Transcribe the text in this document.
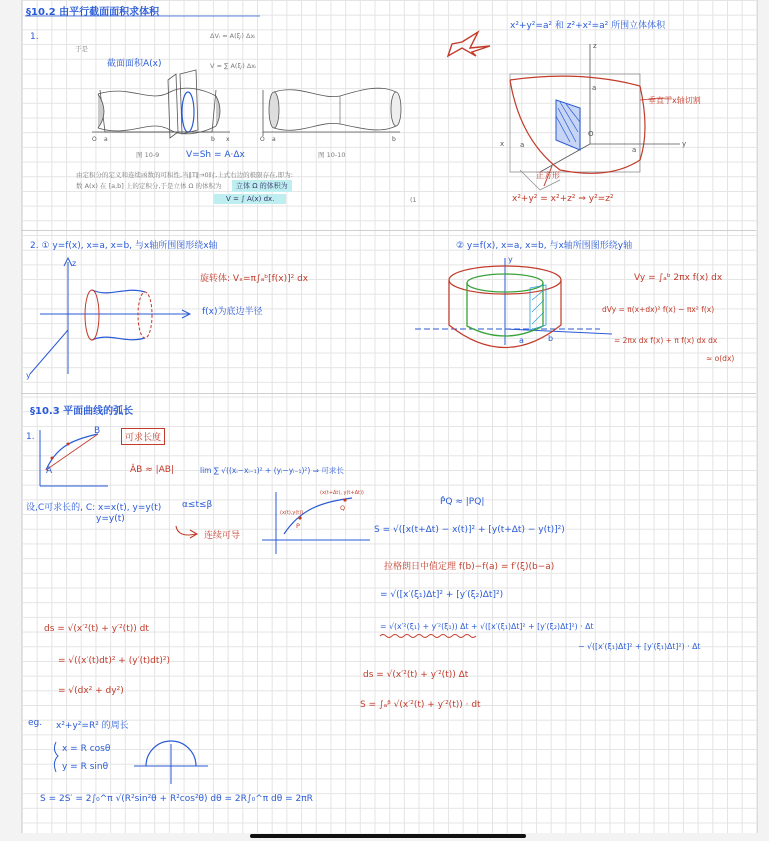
O a	b x	O a	b
z
x	y
O
a
a
a
z
y
a	b
y
§10.2 由平行截面面积求体积
1.	ΔVᵢ ≈ A(ξᵢ) Δxᵢ
于是
截面面积A(x)	V ≈ ∑ A(ξᵢ) Δxᵢ
V=Sh = A·Δx
图 10-9	图 10-10
由定积分的定义和连续函数的可积性,当‖T‖→0时,上式右边的极限存在,即为:
数 A(x) 在 [a,b] 上的定积分,于是立体 Ω 的体积为	立体 Ω 的体积为
V = ∫ A(x) dx.	(1
x²+y²=a² 和 z²+x²=a² 所围立体体积
垂直于x轴切割
正方形
x²+y² = x²+z² ⇒ y²=z²
2. ① y=f(x), x=a, x=b, 与x轴所围图形绕x轴
旋转体: Vₓ=π∫ₐᵇ[f(x)]² dx
f(x)为底边半径
② y=f(x), x=a, x=b, 与x轴所围图形绕y轴
Vy = ∫ₐᵇ 2πx f(x) dx
dVy = π(x+dx)² f(x) − πx² f(x)
= 2πx dx f(x) + π f(x) dx dx
≈ o(dx)
§10.3 平面曲线的弧长
1.
A
B
可求长度
ÂB ≈ |AB|	lim ∑ √((xᵢ−xᵢ₋₁)² + (yᵢ−yᵢ₋₁)²) ⇒ 可求长
设,C可求长的, C: x=x(t), y=y(t)
y=y(t)
α≤t≤β
连续可导
P
Q
(x(t),y(t))
(x(t+Δt), y(t+Δt))
P̂Q ≈ |PQ|
S = √([x(t+Δt) − x(t)]² + [y(t+Δt) − y(t)]²)
拉格朗日中值定理 f(b)−f(a) = f′(ξ)(b−a)
= √([x′(ξ₁)Δt]² + [y′(ξ₂)Δt]²)
= √(x′²(ξ₁) + y′²(ξ₁)) Δt + √([x′(ξ₁)Δt]² + [y′(ξ₂)Δt]²) · Δt
− √([x′(ξ₁)Δt]² + [y′(ξ₁)Δt]²) · Δt
ds = √(x′²(t) + y′²(t)) Δt
S = ∫ₐᵝ √(x′²(t) + y′²(t)) · dt
ds = √(x′²(t) + y′²(t)) dt
= √((x′(t)dt)² + (y′(t)dt)²)
= √(dx² + dy²)
eg. x²+y²=R² 的周长
x = R cosθ
y = R sinθ
S = 2S′ = 2∫₀^π √(R²sin²θ + R²cos²θ) dθ = 2R∫₀^π dθ = 2πR
